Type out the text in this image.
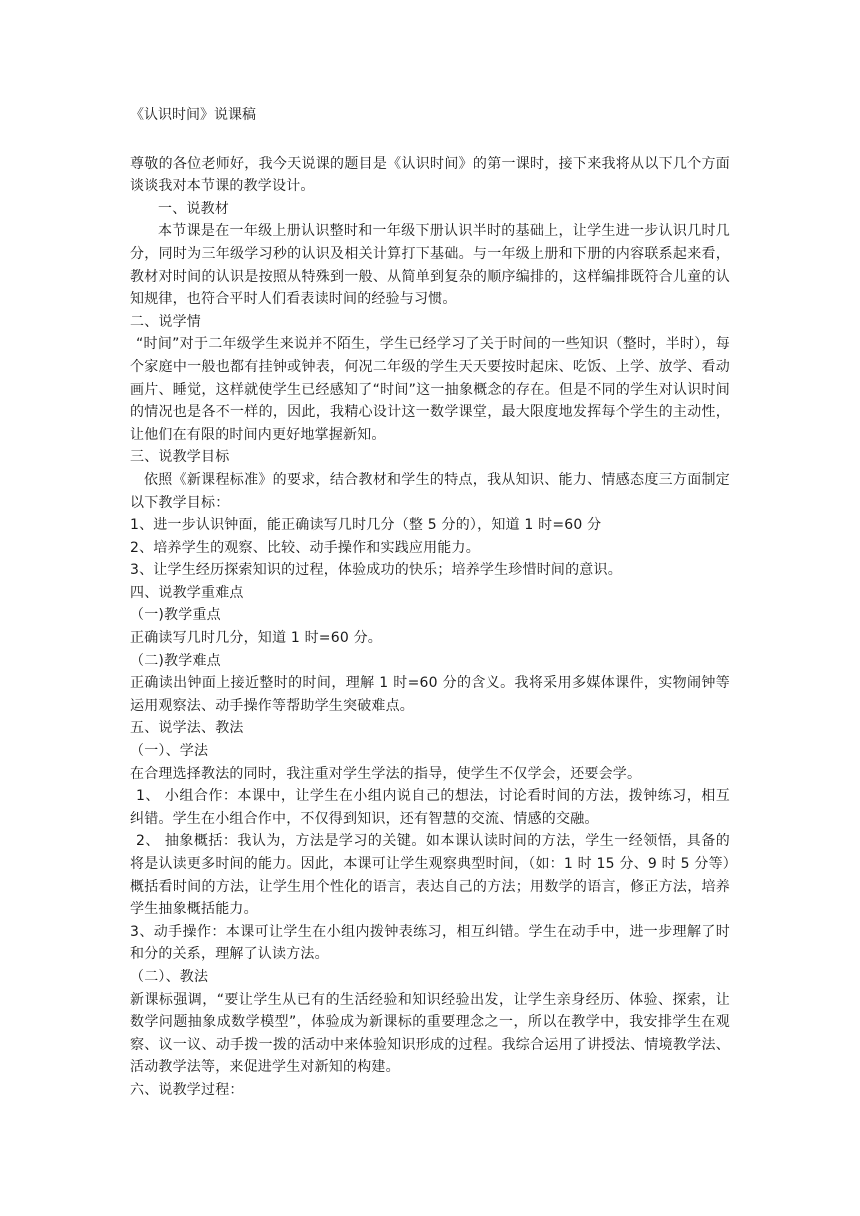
《认识时间》说课稿

尊敬的各位老师好，我今天说课的题目是《认识时间》的第一课时，接下来我将从以下几个方面谈谈我对本节课的教学设计。

一、说教材

本节课是在一年级上册认识整时和一年级下册认识半时的基础上，让学生进一步认识几时几分，同时为三年级学习秒的认识及相关计算打下基础。与一年级上册和下册的内容联系起来看，教材对时间的认识是按照从特殊到一般、从简单到复杂的顺序编排的，这样编排既符合儿童的认知规律，也符合平时人们看表读时间的经验与习惯。

二、说学情

“时间”对于二年级学生来说并不陌生，学生已经学习了关于时间的一些知识（整时，半时），每个家庭中一般也都有挂钟或钟表，何况二年级的学生天天要按时起床、吃饭、上学、放学、看动画片、睡觉，这样就使学生已经感知了“时间”这一抽象概念的存在。但是不同的学生对认识时间的情况也是各不一样的，因此，我精心设计这一数学课堂，最大限度地发挥每个学生的主动性，让他们在有限的时间内更好地掌握新知。

三、说教学目标

依照《新课程标准》的要求，结合教材和学生的特点，我从知识、能力、情感态度三方面制定以下教学目标：

1、进一步认识钟面，能正确读写几时几分（整 5 分的），知道 1 时=60 分

2、培养学生的观察、比较、动手操作和实践应用能力。

3、让学生经历探索知识的过程，体验成功的快乐；培养学生珍惜时间的意识。

四、说教学重难点

（一)教学重点

正确读写几时几分，知道 1 时=60 分。

（二)教学难点

正确读出钟面上接近整时的时间，理解 1 时=60 分的含义。我将采用多媒体课件，实物闹钟等运用观察法、动手操作等帮助学生突破难点。

五、说学法、教法

（一）、学法

在合理选择教法的同时，我注重对学生学法的指导，使学生不仅学会，还要会学。

1、 小组合作：本课中，让学生在小组内说自己的想法，讨论看时间的方法，拨钟练习，相互纠错。学生在小组合作中，不仅得到知识，还有智慧的交流、情感的交融。

2、 抽象概括：我认为，方法是学习的关键。如本课认读时间的方法，学生一经领悟，具备的将是认读更多时间的能力。因此，本课可让学生观察典型时间，（如：1 时 15 分、9 时 5 分等）概括看时间的方法，让学生用个性化的语言，表达自己的方法；用数学的语言，修正方法，培养学生抽象概括能力。

3、动手操作：本课可让学生在小组内拨钟表练习，相互纠错。学生在动手中，进一步理解了时和分的关系，理解了认读方法。

（二）、教法

新课标强调，“要让学生从已有的生活经验和知识经验出发，让学生亲身经历、体验、探索，让数学问题抽象成数学模型”，体验成为新课标的重要理念之一，所以在教学中，我安排学生在观察、议一议、动手拨一拨的活动中来体验知识形成的过程。我综合运用了讲授法、情境教学法、活动教学法等，来促进学生对新知的构建。

六、说教学过程：
